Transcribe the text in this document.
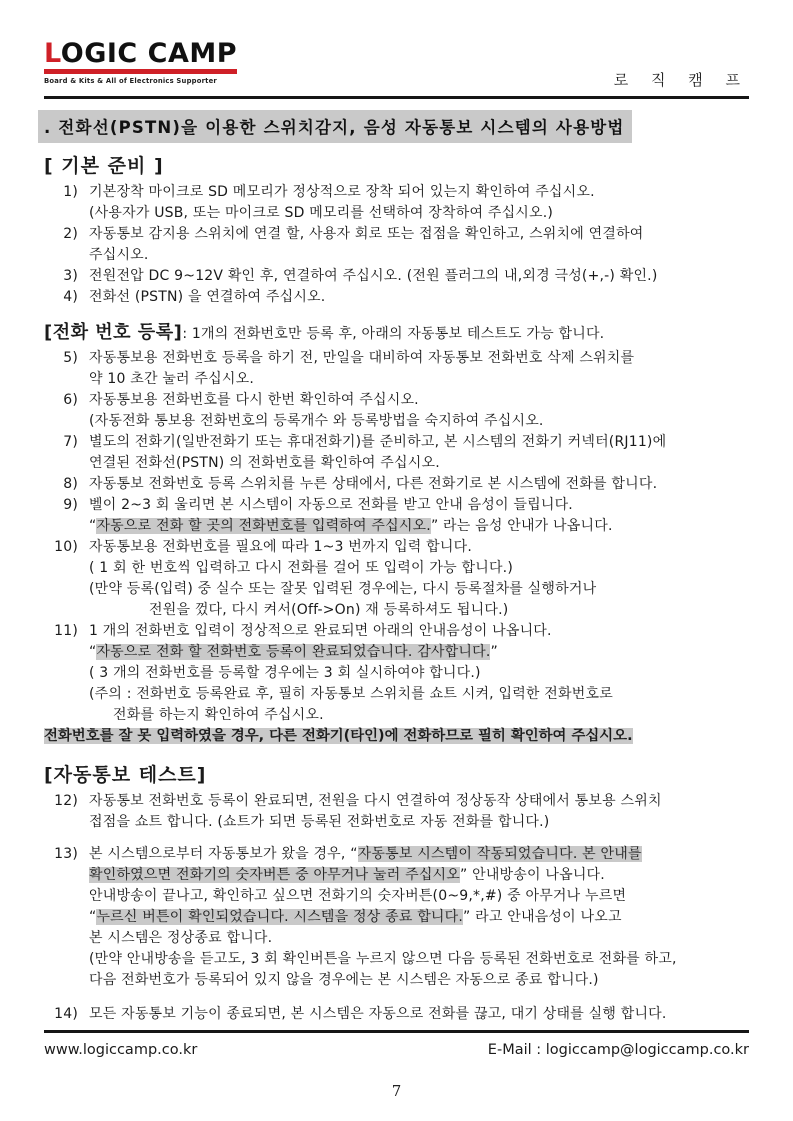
LOGIC CAMP
Board & Kits & All of Electronics Supporter	로 직 캠 프
. 전화선(PSTN)을 이용한 스위치감지, 음성 자동통보 시스템의 사용방법
[ 기본 준비 ]
1) 기본장착 마이크로 SD 메모리가 정상적으로 장착 되어 있는지 확인하여 주십시오.
(사용자가 USB, 또는 마이크로 SD 메모리를 선택하여 장착하여 주십시오.)
2) 자동통보 감지용 스위치에 연결 할, 사용자 회로 또는 접점을 확인하고, 스위치에 연결하여
주십시오.
3) 전원전압 DC 9~12V 확인 후, 연결하여 주십시오. (전원 플러그의 내,외경 극성(+,-) 확인.)
4) 전화선 (PSTN) 을 연결하여 주십시오.
[전화 번호 등록] : 1개의 전화번호만 등록 후, 아래의 자동통보 테스트도 가능 합니다.
5) 자동통보용 전화번호 등록을 하기 전, 만일을 대비하여 자동통보 전화번호 삭제 스위치를
약 10 초간 눌러 주십시오.
6) 자동통보용 전화번호를 다시 한번 확인하여 주십시오.
(자동전화 통보용 전화번호의 등록개수 와 등록방법을 숙지하여 주십시오.
7) 별도의 전화기(일반전화기 또는 휴대전화기)를 준비하고, 본 시스템의 전화기 커넥터(RJ11)에
연결된 전화선(PSTN) 의 전화번호를 확인하여 주십시오.
8) 자동통보 전화번호 등록 스위치를 누른 상태에서, 다른 전화기로 본 시스템에 전화를 합니다.
9) 벨이 2~3 회 울리면 본 시스템이 자동으로 전화를 받고 안내 음성이 들립니다.
“자동으로 전화 할 곳의 전화번호를 입력하여 주십시오.” 라는 음성 안내가 나옵니다.
10) 자동통보용 전화번호를 필요에 따라 1~3 번까지 입력 합니다.
( 1 회 한 번호씩 입력하고 다시 전화를 걸어 또 입력이 가능 합니다.)
(만약 등록(입력) 중 실수 또는 잘못 입력된 경우에는, 다시 등록절차를 실행하거나
전원을 껐다, 다시 켜서(Off->On) 재 등록하셔도 됩니다.)
11) 1 개의 전화번호 입력이 정상적으로 완료되면 아래의 안내음성이 나옵니다.
“자동으로 전화 할 전화번호 등록이 완료되었습니다. 감사합니다.”
( 3 개의 전화번호를 등록할 경우에는 3 회 실시하여야 합니다.)
(주의 : 전화번호 등록완료 후, 필히 자동통보 스위치를 쇼트 시켜, 입력한 전화번호로
전화를 하는지 확인하여 주십시오.
전화번호를 잘 못 입력하였을 경우, 다른 전화기(타인)에 전화하므로 필히 확인하여 주십시오.
[자동통보 테스트]
12) 자동통보 전화번호 등록이 완료되면, 전원을 다시 연결하여 정상동작 상태에서 통보용 스위치
접점을 쇼트 합니다. (쇼트가 되면 등록된 전화번호로 자동 전화를 합니다.)
13) 본 시스템으로부터 자동통보가 왔을 경우, “자동통보 시스템이 작동되었습니다. 본 안내를
확인하였으면 전화기의 숫자버튼 중 아무거나 눌러 주십시오” 안내방송이 나옵니다.
안내방송이 끝나고, 확인하고 싶으면 전화기의 숫자버튼(0~9,*,#) 중 아무거나 누르면
“누르신 버튼이 확인되었습니다. 시스템을 정상 종료 합니다.” 라고 안내음성이 나오고
본 시스템은 정상종료 합니다.
(만약 안내방송을 듣고도, 3 회 확인버튼을 누르지 않으면 다음 등록된 전화번호로 전화를 하고,
다음 전화번호가 등록되어 있지 않을 경우에는 본 시스템은 자동으로 종료 합니다.)
14) 모든 자동통보 기능이 종료되면, 본 시스템은 자동으로 전화를 끊고, 대기 상태를 실행 합니다.
www.logiccamp.co.kr	E-Mail : logiccamp@logiccamp.co.kr
7
